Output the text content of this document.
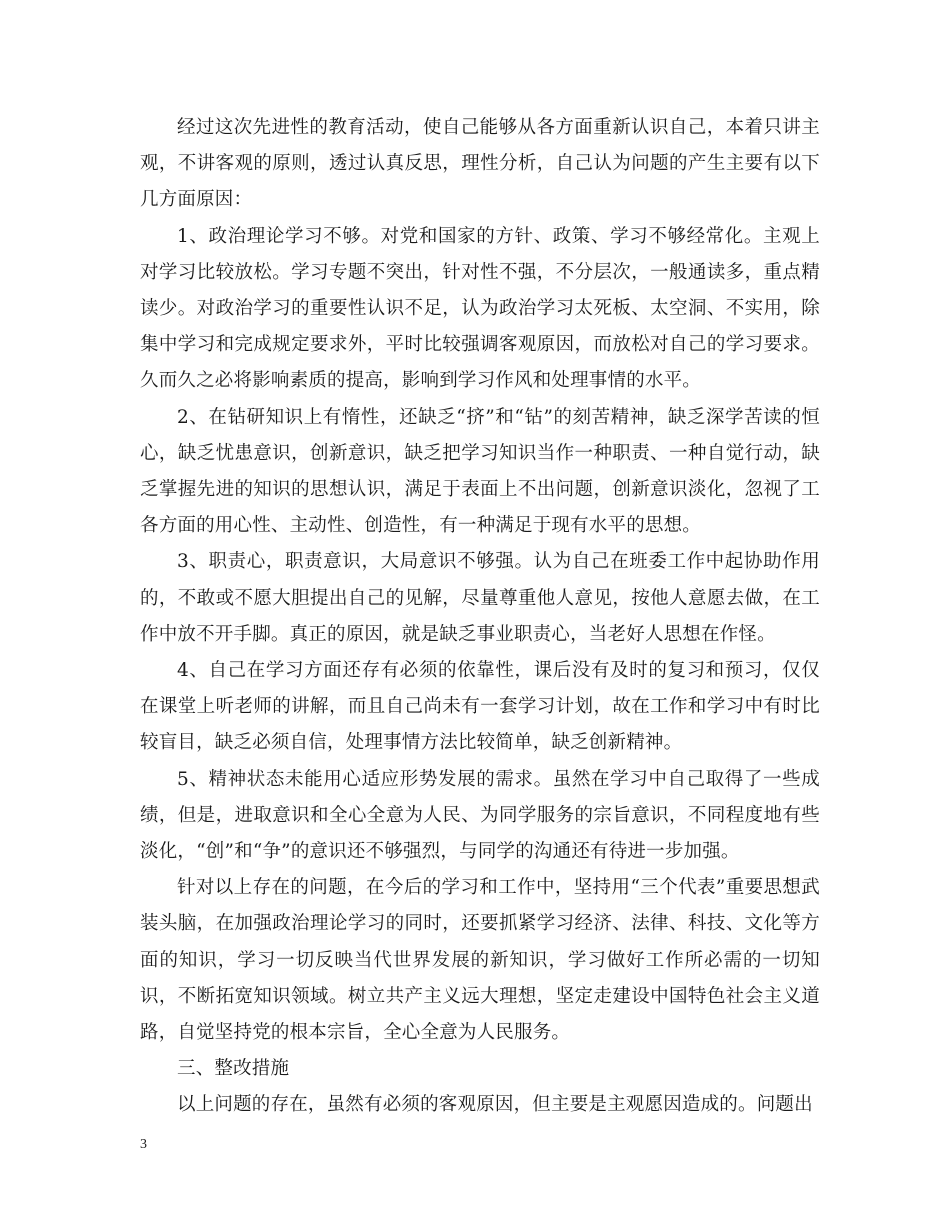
经过这次先进性的教育活动，使自己能够从各方面重新认识自己，本着只讲主观，不讲客观的原则，透过认真反思，理性分析，自己认为问题的产生主要有以下几方面原因：

1、政治理论学习不够。对党和国家的方针、政策、学习不够经常化。主观上对学习比较放松。学习专题不突出，针对性不强，不分层次，一般通读多，重点精读少。对政治学习的重要性认识不足，认为政治学习太死板、太空洞、不实用，除集中学习和完成规定要求外，平时比较强调客观原因，而放松对自己的学习要求。久而久之必将影响素质的提高，影响到学习作风和处理事情的水平。

2、在钻研知识上有惰性，还缺乏“挤”和“钻”的刻苦精神，缺乏深学苦读的恒心，缺乏忧患意识，创新意识，缺乏把学习知识当作一种职责、一种自觉行动，缺乏掌握先进的知识的思想认识，满足于表面上不出问题，创新意识淡化，忽视了工各方面的用心性、主动性、创造性，有一种满足于现有水平的思想。

3、职责心，职责意识，大局意识不够强。认为自己在班委工作中起协助作用的，不敢或不愿大胆提出自己的见解，尽量尊重他人意见，按他人意愿去做，在工作中放不开手脚。真正的原因，就是缺乏事业职责心，当老好人思想在作怪。

4、自己在学习方面还存有必须的依靠性，课后没有及时的复习和预习，仅仅在课堂上听老师的讲解，而且自己尚未有一套学习计划，故在工作和学习中有时比较盲目，缺乏必须自信，处理事情方法比较简单，缺乏创新精神。

5、精神状态未能用心适应形势发展的需求。虽然在学习中自己取得了一些成绩，但是，进取意识和全心全意为人民、为同学服务的宗旨意识，不同程度地有些淡化，“创”和“争”的意识还不够强烈，与同学的沟通还有待进一步加强。

针对以上存在的问题，在今后的学习和工作中，坚持用“三个代表”重要思想武装头脑，在加强政治理论学习的同时，还要抓紧学习经济、法律、科技、文化等方面的知识，学习一切反映当代世界发展的新知识，学习做好工作所必需的一切知识，不断拓宽知识领域。树立共产主义远大理想，坚定走建设中国特色社会主义道路，自觉坚持党的根本宗旨，全心全意为人民服务。

三、整改措施

以上问题的存在，虽然有必须的客观原因，但主要是主观愿因造成的。问题出

3
